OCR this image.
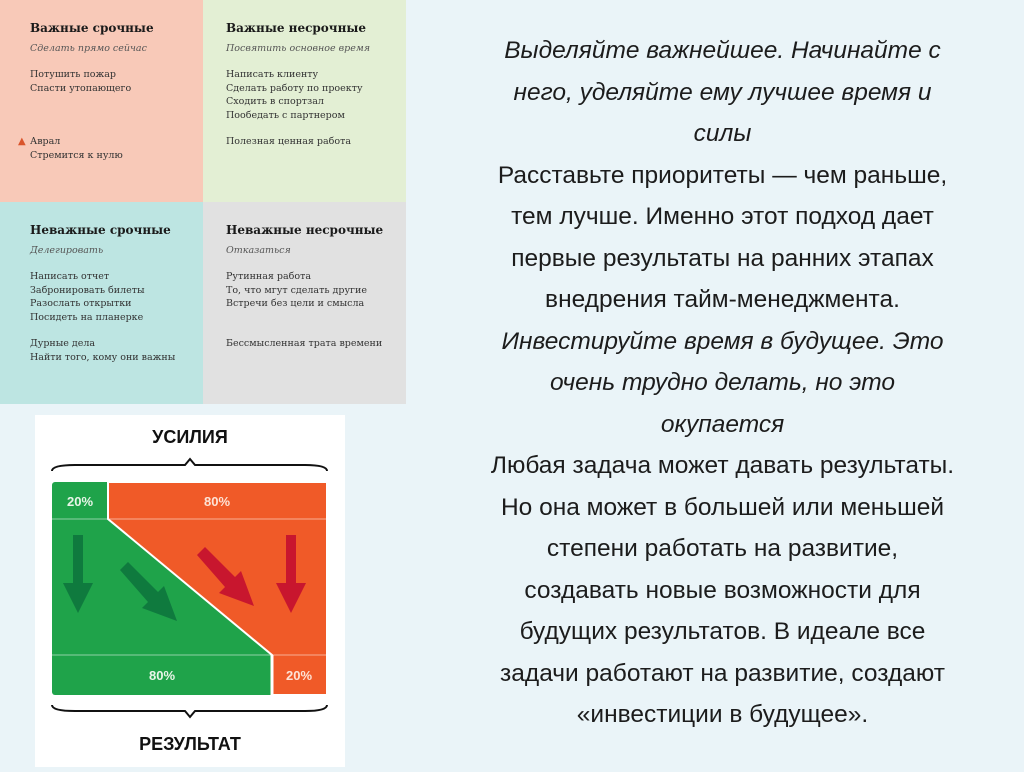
Важные срочные
Сделать прямо сейчас
Потушить пожар
Спасти утопающего
▲ Аврал
Стремится к нулю
Важные несрочные
Посвятить основное время
Написать клиенту
Сделать работу по проекту
Сходить в спортзал
Пообедать с партнером
Полезная ценная работа
Неважные срочные
Делегировать
Написать отчет
Забронировать билеты
Разослать открытки
Посидеть на планерке
Дурные дела
Найти того, кому они важны
Неважные несрочные
Отказаться
Рутинная работа
То, что мгут сделать другие
Встречи без цели и смысла
Бессмысленная трата времени
УСИЛИЯ
20%	80%
80%	20%
РЕЗУЛЬТАТ
Выделяйте важнейшее. Начинайте с
него, уделяйте ему лучшее время и
силы
Расставьте приоритеты — чем раньше,
тем лучше. Именно этот подход дает
первые результаты на ранних этапах
внедрения тайм-менеджмента.
Инвестируйте время в будущее. Это
очень трудно делать, но это
окупается
Любая задача может давать результаты.
Но она может в большей или меньшей
степени работать на развитие,
создавать новые возможности для
будущих результатов. В идеале все
задачи работают на развитие, создают
«инвестиции в будущее».
